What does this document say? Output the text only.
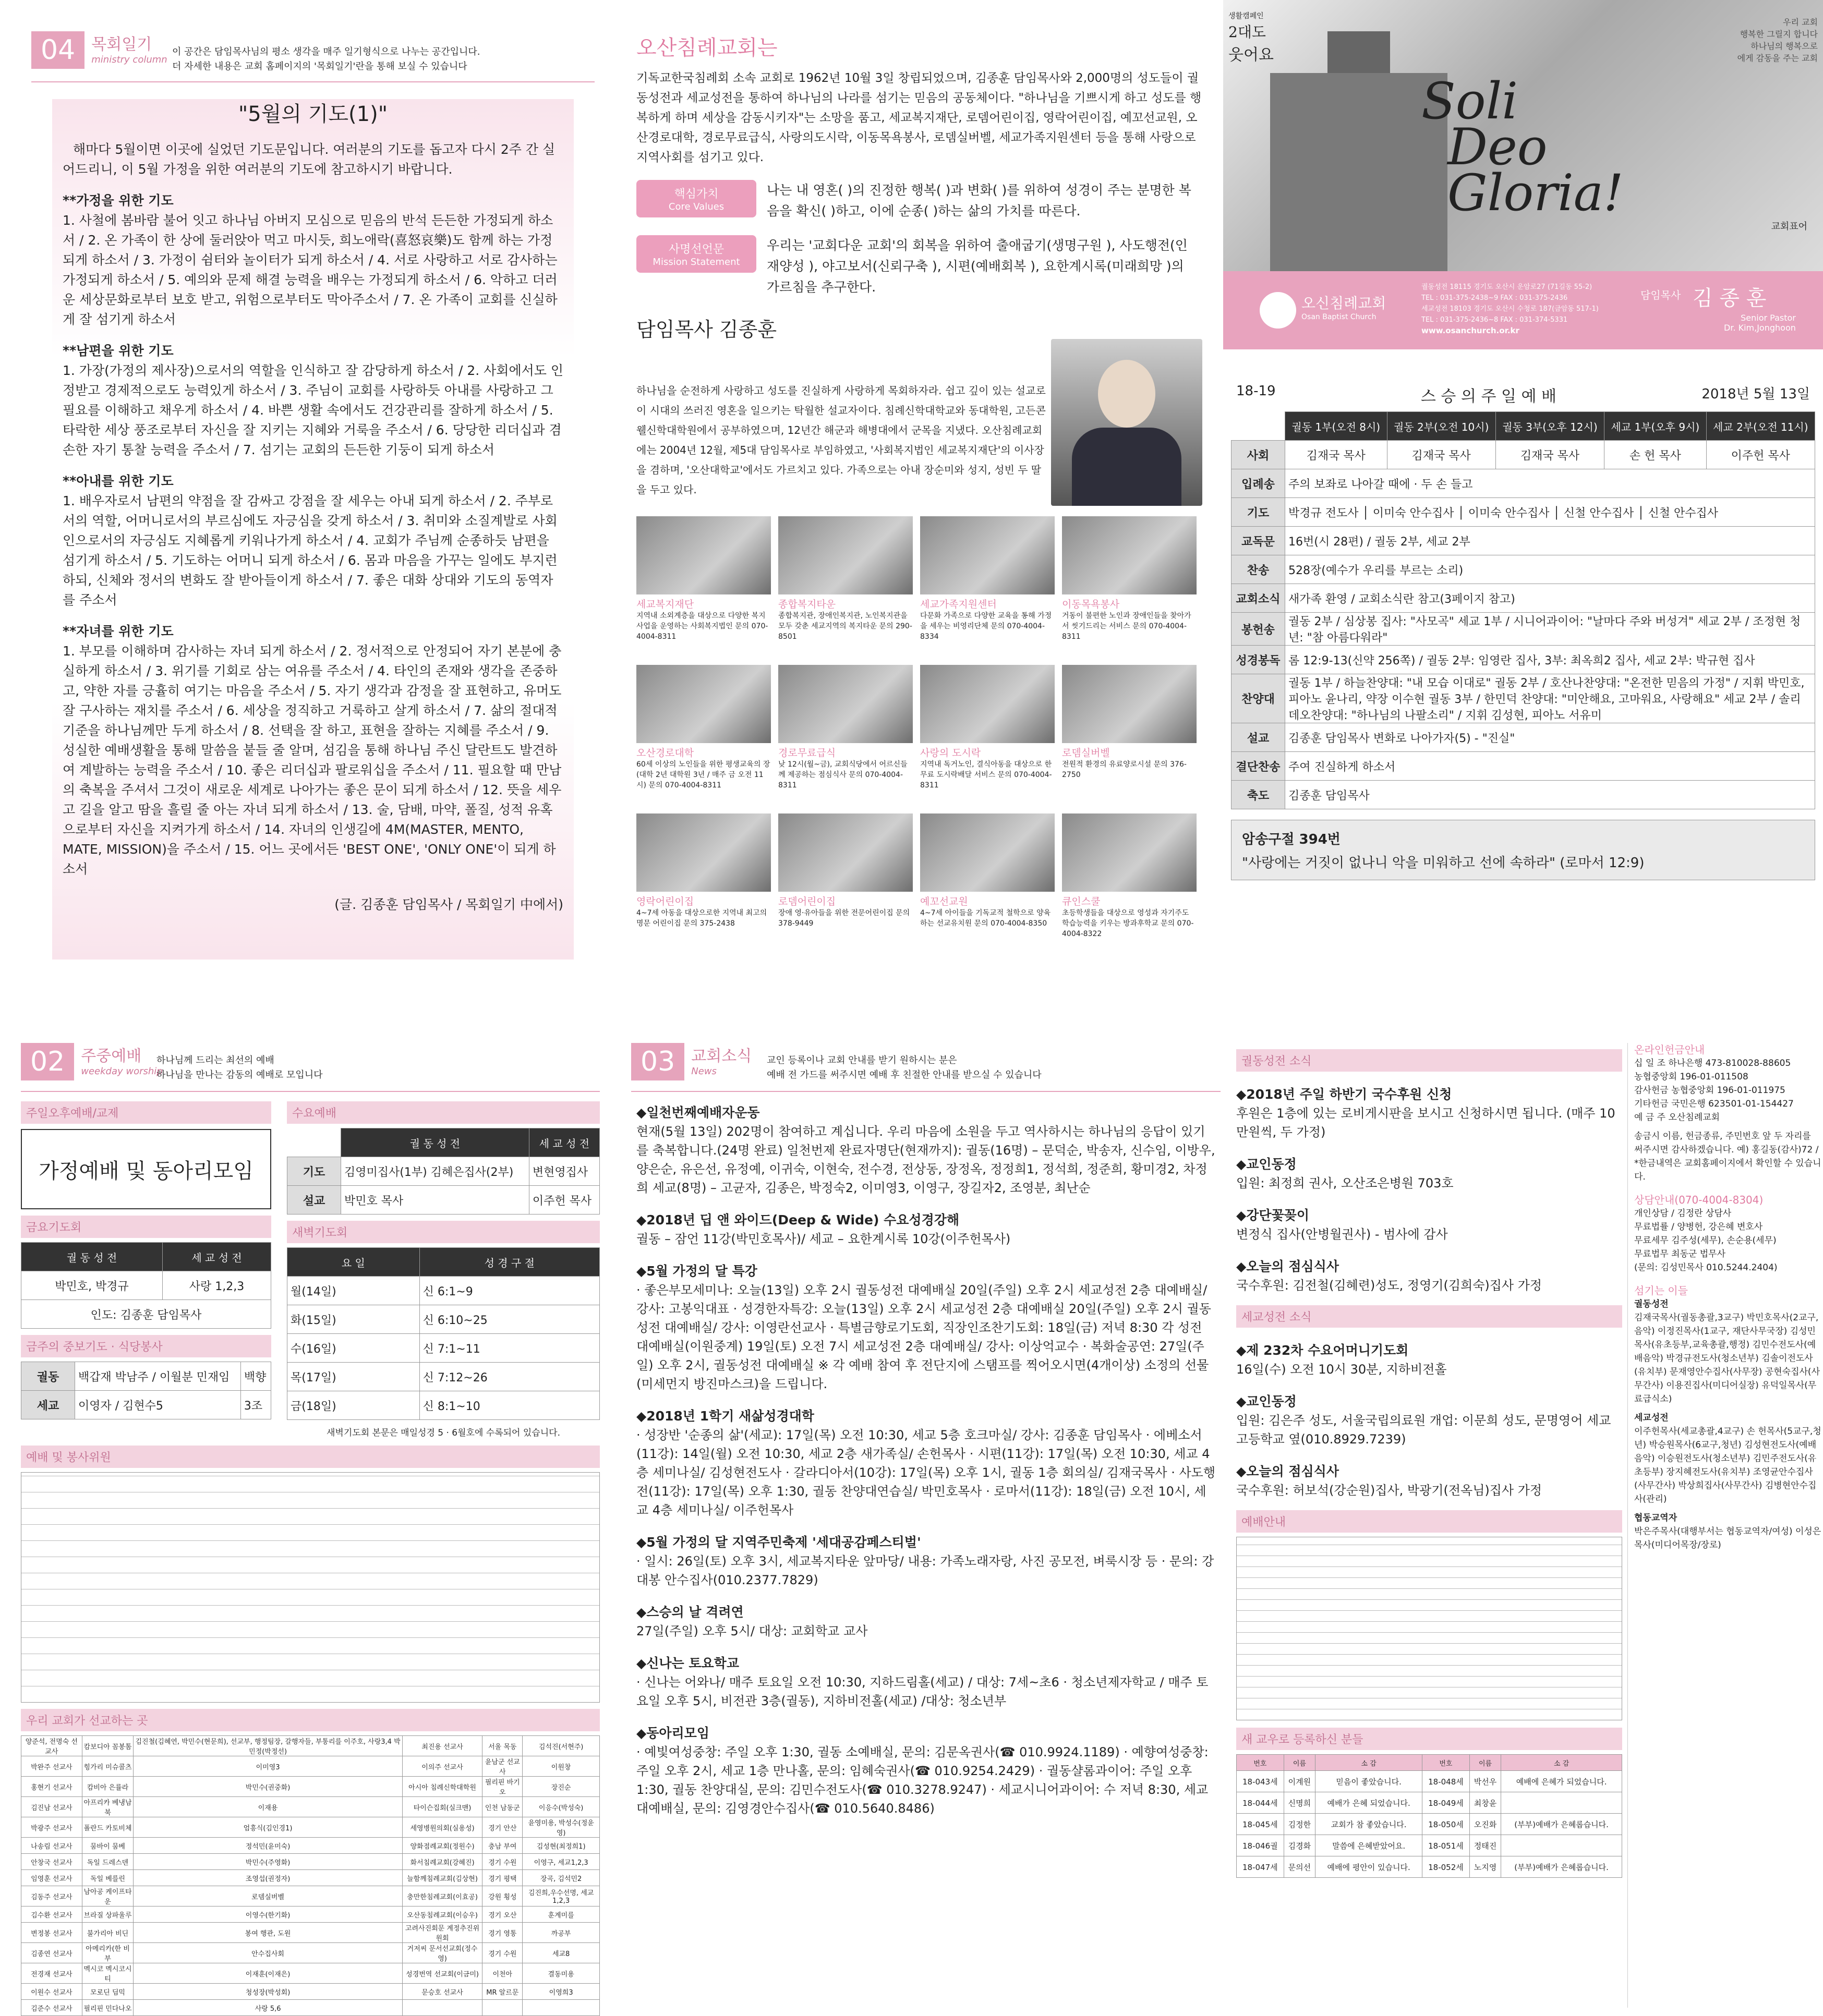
04 목회일기
ministry column
이 공간은 담임목사님의 평소 생각을 매주 일기형식으로 나누는 공간입니다.
더 자세한 내용은 교회 홈페이지의 '목회일기'란을 통해 보실 수 있습니다
"5월의 기도(1)"

해마다 5월이면 이곳에 실었던 기도문입니다. 여러분의 기도를 돕고자 다시 2주 간 실어드리니, 이 5월 가정을 위한 여러분의 기도에 참고하시기 바랍니다.

**가정을 위한 기도

1. 사철에 봄바람 불어 잇고 하나님 아버지 모심으로 믿음의 반석 든든한 가정되게 하소서 / 2. 온 가족이 한 상에 둘러앉아 먹고 마시듯, 희노애락(喜怒哀樂)도 함께 하는 가정 되게 하소서 / 3. 가정이 쉼터와 놀이터가 되게 하소서 / 4. 서로 사랑하고 서로 감사하는 가정되게 하소서 / 5. 예의와 문제 해결 능력을 배우는 가정되게 하소서 / 6. 악하고 더러운 세상문화로부터 보호 받고, 위험으로부터도 막아주소서 / 7. 온 가족이 교회를 신실하게 잘 섬기게 하소서

**남편을 위한 기도

1. 가장(가정의 제사장)으로서의 역할을 인식하고 잘 감당하게 하소서 / 2. 사회에서도 인정받고 경제적으로도 능력있게 하소서 / 3. 주님이 교회를 사랑하듯 아내를 사랑하고 그 필요를 이해하고 채우게 하소서 / 4. 바쁜 생활 속에서도 건강관리를 잘하게 하소서 / 5. 타락한 세상 풍조로부터 자신을 잘 지키는 지혜와 거룩을 주소서 / 6. 당당한 리더십과 겸손한 자기 통찰 능력을 주소서 / 7. 섬기는 교회의 든든한 기둥이 되게 하소서

**아내를 위한 기도

1. 배우자로서 남편의 약점을 잘 감싸고 강점을 잘 세우는 아내 되게 하소서 / 2. 주부로서의 역할, 어머니로서의 부르심에도 자긍심을 갖게 하소서 / 3. 취미와 소질계발로 사회인으로서의 자긍심도 지혜롭게 키워나가게 하소서 / 4. 교회가 주님께 순종하듯 남편을 섬기게 하소서 / 5. 기도하는 어머니 되게 하소서 / 6. 몸과 마음을 가꾸는 일에도 부지런하되, 신체와 정서의 변화도 잘 받아들이게 하소서 / 7. 좋은 대화 상대와 기도의 동역자를 주소서

**자녀를 위한 기도

1. 부모를 이해하며 감사하는 자녀 되게 하소서 / 2. 정서적으로 안정되어 자기 본분에 충실하게 하소서 / 3. 위기를 기회로 삼는 여유를 주소서 / 4. 타인의 존재와 생각을 존중하고, 약한 자를 긍휼히 여기는 마음을 주소서 / 5. 자기 생각과 감정을 잘 표현하고, 유머도 잘 구사하는 재치를 주소서 / 6. 세상을 정직하고 거룩하고 살게 하소서 / 7. 삶의 절대적 기준을 하나님께만 두게 하소서 / 8. 선택을 잘 하고, 표현을 잘하는 지혜를 주소서 / 9. 성실한 예배생활을 통해 말씀을 붙들 줄 알며, 섬김을 통해 하나님 주신 달란트도 발견하여 계발하는 능력을 주소서 / 10. 좋은 리더십과 팔로워십을 주소서 / 11. 필요할 때 만남의 축복을 주셔서 그것이 새로운 세계로 나아가는 좋은 문이 되게 하소서 / 12. 뜻을 세우고 길을 알고 땀을 흘릴 줄 아는 자녀 되게 하소서 / 13. 술, 담배, 마약, 폴질, 성적 유혹으로부터 자신을 지켜가게 하소서 / 14. 자녀의 인생길에 4M(MASTER, MENTO, MATE, MISSION)을 주소서 / 15. 어느 곳에서든 'BEST ONE', 'ONLY ONE'이 되게 하소서

(글. 김종훈 담임목사 / 목회일기 中에서)

오산침례교회는
기독교한국침례회 소속 교회로 1962년 10월 3일 창립되었으며, 김종훈 담임목사와 2,000명의 성도들이 궐동성전과 세교성전을 통하여 하나님의 나라를 섬기는 믿음의 공동체이다. "하나님을 기쁘시게 하고 성도를 행복하게 하며 세상을 감동시키자"는 소망을 품고, 세교복지재단, 로뎀어린이집, 영락어린이집, 예꼬선교원, 오산경로대학, 경로무료급식, 사랑의도시락, 이동목욕봉사, 로뎀실버벨, 세교가족지원센터 등을 통해 사랑으로 지역사회를 섬기고 있다.
핵심가치
Core Values
나는 내 영혼( )의 진정한 행복( )과 변화( )를 위하여 성경이 주는 분명한 복음을 확신( )하고, 이에 순종( )하는 삶의 가치를 따른다.
사명선언문
Mission Statement
우리는 '교회다운 교회'의 회복을 위하여 출애굽기(생명구원 ), 사도행전(인재양성 ), 야고보서(신뢰구축 ), 시편(예배회복 ), 요한계시록(미래희망 )의 가르침을 추구한다.
담임목사 김종훈
하나님을 순전하게 사랑하고 성도를 진실하게 사랑하게 목회하자라. 쉽고 깊이 있는 설교로 이 시대의 쓰러진 영혼을 일으키는 탁월한 설교자이다. 침례신학대학교와 동대학원, 고든콘웰신학대학원에서 공부하였으며, 12년간 해군과 해병대에서 군목을 지냈다. 오산침례교회에는 2004년 12월, 제5대 담임목사로 부임하였고, '사회복지법인 세교복지재단'의 이사장을 겸하며, '오산대학교'에서도 가르치고 있다. 가족으로는 아내 장순미와 성지, 성빈 두 딸을 두고 있다.
세교복지재단
지역내 소외계층을 대상으로 다양한 복지사업을 운영하는 사회복지법인 문의 070-4004-8311
종합복지타운
종합복지관, 장애인복지관, 노인복지관을 모두 갖춘 세교지역의 복지타운 문의 290-8501
세교가족지원센터
다문화 가족으로 다양한 교육을 통해 가정을 세우는 비영리단체 문의 070-4004-8334
이동목욕봉사
거동이 불편한 노인과 장애인들을 찾아가서 씻기드리는 서비스 문의 070-4004-8311
오산경로대학
60세 이상의 노인들을 위한 평생교육의 장(대학 2년 대학원 3년 / 매주 금 오전 11시) 문의 070-4004-8311
경로무료급식
낮 12시(월~금), 교회식당에서 어르신들께 제공하는 점심식사 문의 070-4004-8311
사랑의 도시락
지역내 독거노인, 결식아동을 대상으로 한 무료 도시락배달 서비스 문의 070-4004-8311
로뎀실버벨
전원적 환경의 유료양로시설 문의 376-2750
영락어린이집
4~7세 아동을 대상으로한 지역내 최고의 명문 어린이집 문의 375-2438
로뎀어린이집
장애 영·유아들을 위한 전문어린이집 문의 378-9449
예꼬선교원
4~7세 아이들을 기독교적 철학으로 양육하는 선교유치원 문의 070-4004-8350
큐인스쿨
초등학생들을 대상으로 영성과 자기주도 학습능력을 키우는 방과후학교 문의 070-4004-8322
생활캠페인
2대도
웃어요
우리 교회
행복한 그릴지 합니다
하나님의 행복으로
에게 감동을 주는 교회
Soli
Deo
Gloria!
교회표어
오신침례교회
Osan Baptist Church
궐동성전 18115 경기도 오산시 운암로27 (71길동 55-2)
TEL : 031-375-2438~9 FAX : 031-375-2436
세교성전 18103 경기도 오산시 수청로 187(금암동 517-1)
TEL : 031-375-2436~8 FAX : 031-374-5331
www.osanchurch.or.kr
담임목사 김 종 훈
Senior Pastor
Dr. Kim,Jonghoon
18-19	스 승 의 주 일 예 배	2018년 5월 13일
	궐동 1부(오전 8시)	궐동 2부(오전 10시)	궐동 3부(오후 12시)	세교 1부(오후 9시)	세교 2부(오전 11시)
사회	김재국 목사	김재국 목사	김재국 목사	손 헌 목사	이주헌 목사
입례송	주의 보좌로 나아갈 때에 · 두 손 들고				
기도	박경규 전도사 │ 이미숙 안수집사 │ 이미숙 안수집사 │ 신철 안수집사 │ 신철 안수집사				
교독문	16번(시 28편) / 궐동 2부, 세교 2부				
찬송	528장(예수가 우리를 부르는 소리)				
교회소식	새가족 환영 / 교회소식란 참고(3페이지 참고)				
봉헌송	궐동 2부 / 심상봉 집사: "사모곡" 세교 1부 / 시니어과이어: "날마다 주와 버성겨" 세교 2부 / 조정현 청년: "참 아름다워라"				
성경봉독	롬 12:9-13(신약 256쪽) / 궐동 2부: 임영란 집사, 3부: 최옥희2 집사, 세교 2부: 박규현 집사				
찬양대	궐동 1부 / 하늘찬양대: "내 모습 이대로" 궐동 2부 / 호산나찬양대: "온전한 믿음의 가정" / 지휘 박민호, 피아노 윤나리, 약장 이수현 궐동 3부 / 한민덕 찬양대: "미안해요, 고마워요, 사랑해요" 세교 2부 / 솔리데오찬양대: "하나님의 나팔소리" / 지휘 김성현, 피아노 서유미				
설교	김종훈 담임목사 변화로 나아가자(5) - "진실"				
결단찬송	주여 진실하게 하소서				
축도	김종훈 담임목사				
암송구절 394번
"사랑에는 거짓이 없나니 악을 미워하고 선에 속하라" (로마서 12:9)
02 주중예배
weekday worship
하나님께 드리는 최선의 예배
하나님을 만나는 감동의 예배로 모입니다
주일오후예배/교제
가정예배 및 동아리모임
금요기도회
궐 동 성 전	세 교 성 전
박민호, 박경규	사랑 1,2,3
인도: 김종훈 담임목사	
금주의 중보기도 · 식당봉사
궐동	백갑재 박남주 / 이월분 민재임	백향
세교	이영자 / 김현수5	3조
수요예배
	궐 동 성 전	세 교 성 전
기도	김영미집사(1부) 김혜은집사(2부)	변현영집사
설교	박민호 목사	이주헌 목사
새벽기도회
요 일	성 경 구 절
월(14일)	신 6:1~9
화(15일)	신 6:10~25
수(16일)	신 7:1~11
목(17일)	신 7:12~26
금(18일)	신 8:1~10
새벽기도회 본문은 매일성경 5 · 6월호에 수록되어 있습니다.
예배 및 봉사위원
우리 교회가 선교하는 곳
양준석, 전명숙 선교사	캄보디아 꼼봉톰	김진철(김혜연, 박민수(현문희), 선교부, 행정팀장, 갈행자들, 부통리를 이주호, 사랑3,4 박민정(박정선)	최진용 선교사	서울 목동	김석진(서현주)
박완주 선교사	힝가리 미슈콜츠	이미영3	이의주 선교사	윤남군 선교사	이원창
홍현기 선교사	캄비아 은률라	박민수(권중화)	아시아 침례신학대학원	필리핀 바기오	장진순
김진남 선교사	아프리카 베냉남북	이재용	타이슨집회(실크맨)	인천 남동군	이응수(박성숙)
박광주 선교사	폴란드 카토비체	엄흥식(김인경1)	세영병원의회(실용성)	경기 안산	윤영미용, 박성수(정윤영)
나송림 선교사	뭄바이 뭄베	정석민(윤미숙)	양화점례교회(정원수)	충남 부여	김성현(최정희1)
안창국 선교사	독일 드레스덴	박민수(주영화)	화서침례교회(강혜진)	경기 수원	이영구, 세교1,2,3
임영훈 선교사	독일 베를린	조영섭(권정자)	늘함께침례교회(김상현)	경기 평택	장곡, 김석민2
김동주 선교사	남아공 케이프타운	로뎀실버벨	충만한침례교회(이효공)	강원 횡성	김진희,우수선명, 세교1,2,3
김수환 선교사	브라질 상파울루	이영수(한기화)	오산동침례교회(이승우)	경기 오산	훈계미를
변정봉 선교사	불가리아 비딘	봉여 행관, 도원	고려사진회문 계정추진위원회	경기 영통	까공부
김종연 선교사	아메리카(한 비부	안수집사회	거저씨 문서선교회(정수영)	경기 수원	세교8
전경재 선교사	멕시코 멕시코시티	이재훈(이재은)	성경번역 선교회(이금미)	이천아	결동미용
이원수 선교사	모로딘 딤믹	청성장(박성회)	문승호 선교사	MR 알르문	이영희3
김준수 선교사	필리핀 민다나오	사랑 5,6			
03 교회소식
News
교인 등록이나 교회 안내를 받기 원하시는 분은
예배 전 가드를 써주시면 예배 후 친절한 안내를 받으실 수 있습니다
◆일천번째예배자운동

현재(5월 13일) 202명이 참여하고 계십니다. 우리 마음에 소원을 두고 역사하시는 하나님의 응답이 있기를 축복합니다.(24명 완료) 일천번제 완료자명단(현재까지): 궐동(16명) – 문덕순, 박송자, 신수임, 이방우, 양은순, 유은선, 유정예, 이귀숙, 이현숙, 전수경, 전상동, 장정옥, 정정희1, 정석희, 정준희, 황미경2, 차정희 세교(8명) – 고균자, 김종은, 박정숙2, 이미영3, 이영구, 장길자2, 조영분, 최난순

◆2018년 딥 앤 와이드(Deep & Wide) 수요성경강해

궐동 – 잠언 11강(박민호목사)/ 세교 – 요한계시록 10강(이주헌목사)

◆5월 가정의 달 특강

· 좋은부모세미나: 오늘(13일) 오후 2시 궐동성전 대예배실 20일(주일) 오후 2시 세교성전 2층 대예배실/ 강사: 고봉익대표 · 성경한자특강: 오늘(13일) 오후 2시 세교성전 2층 대예배실 20일(주일) 오후 2시 궐동성전 대예배실/ 강사: 이영란선교사 · 특별금향로기도회, 직장인조찬기도회: 18일(금) 저녁 8:30 각 성전 대예배실(이원중계) 19일(토) 오전 7시 세교성전 2층 대예배실/ 강사: 이상억교수 · 복화술공연: 27일(주일) 오후 2시, 궐동성전 대예배실 ※ 각 예배 참여 후 전단지에 스탬프를 찍어오시면(4개이상) 소정의 선물(미세먼지 방진마스크)을 드립니다.

◆2018년 1학기 새삶성경대학

· 성장반 '순종의 삶'(세교): 17일(목) 오전 10:30, 세교 5층 호크마실/ 강사: 김종훈 담임목사 · 에베소서(11강): 14일(월) 오전 10:30, 세교 2층 새가족실/ 손헌목사 · 시편(11강): 17일(목) 오전 10:30, 세교 4층 세미나실/ 김성현전도사 · 갈라디아서(10강): 17일(목) 오후 1시, 궐동 1층 회의실/ 김재국목사 · 사도행전(11강): 17일(목) 오후 1:30, 궐동 찬양대연습실/ 박민호목사 · 로마서(11강): 18일(금) 오전 10시, 세교 4층 세미나실/ 이주헌목사

◆5월 가정의 달 지역주민축제 '세대공감페스티벌'

· 일시: 26일(토) 오후 3시, 세교복지타운 앞마당/ 내용: 가족노래자랑, 사진 공모전, 벼룩시장 등 · 문의: 강대봉 안수집사(010.2377.7829)

◆스승의 날 격려연

27일(주일) 오후 5시/ 대상: 교회학교 교사

◆신나는 토요학교

· 신나는 어와나/ 매주 토요일 오전 10:30, 지하드림홀(세교) / 대상: 7세~초6 · 청소년제자학교 / 매주 토요일 오후 5시, 비전관 3층(궐동), 지하비전홀(세교) /대상: 청소년부

◆동아리모임

· 예빛여성중창: 주일 오후 1:30, 궐동 소예배실, 문의: 김문옥권사(☎ 010.9924.1189) · 예향여성중창: 주일 오후 2시, 세교 1층 만나홀, 문의: 임혜숙권사(☎ 010.9254.2429) · 궐동샬롬과이어: 주일 오후 1:30, 궐동 찬양대실, 문의: 김민수전도사(☎ 010.3278.9247) · 세교시니어과이어: 수 저녁 8:30, 세교 대예배실, 문의: 김영경안수집사(☎ 010.5640.8486)

궐동성전 소식
◆2018년 주일 하반기 국수후원 신청

후원은 1층에 있는 로비게시판을 보시고 신청하시면 됩니다. (매주 10만원씩, 두 가정)

◆교인동정

입원: 최정희 권사, 오산조은병원 703호

◆강단꽃꽂이

변정식 집사(안병월권사) - 범사에 감사

◆오늘의 점심식사

국수후원: 김전철(김혜련)성도, 정영기(김희숙)집사 가정

세교성전 소식
◆제 232차 수요어머니기도회

16일(수) 오전 10시 30분, 지하비전홀

◆교인동정

입원: 김은주 성도, 서울국립의료원 개업: 이문희 성도, 문명영어 세교고등학교 옆(010.8929.7239)

◆오늘의 점심식사

국수후원: 허보석(강순원)집사, 박광기(전옥님)집사 가정

예배안내
새 교우로 등록하신 분들
번호	이름	소 감	번호	이름	소 감
18-043세	이계원	믿음이 좋았습니다.	18-048세	박선우	예배에 은혜가 되었습니다.
18-044세	신명희	예배가 은혜 되었습니다.	18-049세	최창윤	
18-045세	김정한	교회가 참 좋았습니다.	18-050세	오진화	(부부)예배가 은혜롭습니다.
18-046궐	김경화	말씀에 은혜받았어요.	18-051세	정태진	
18-047세	문의선	예배에 평안이 있습니다.	18-052세	노지영	(부부)예배가 은혜롭습니다.
온라인헌금안내
십 일 조 하나은행 473-810028-88605
농협중앙회 196-01-011508
감사헌금 농협중앙회 196-01-011975
기타헌금 국민은행 623501-01-154427
예 금 주 오산침례교회
송금시 이름, 헌금종류, 주민번호 앞 두 자리를 써주시면 감사하겠습니다. 예) 홍길동(감사)72 / *한금내역은 교회홈페이지에서 확인할 수 있습니다.
상담안내(070-4004-8304)
개인상담 / 김정란 상담사
무료법률 / 양병헌, 강은혜 변호사
무료세무 김주성(세무), 손순용(세무)
무료법무 최동군 법무사
(문의: 김성민목사 010.5244.2404)
섬기는 이들
궐동성전
김재국목사(궐동총괄,3교구) 박민호목사(2교구, 음악) 이정진목사(1교구, 재단사무국장) 김성민목사(유초등부,교육총괄,행정) 김민수전도사(예배음악) 박경규전도사(청소년부) 김솔이전도사(유치부) 문재영안수집사(사무장) 공현숙집사(사무간사) 이용진집사(미디어실장) 유덕일목사(무료급식소)
세교성전
이주헌목사(세교총괄,4교구) 손 헌목사(5교구,청년) 박승원목사(6교구,청년) 김성현전도사(예배음악) 이승원전도사(청소년부) 김민주전도사(유초등부) 장지혜전도사(유치부) 조영균안수집사(사무간사) 박상희집사(사무간사) 김병현안수집사(관리)
협동교역자
박은주목사(대행부서는 협동교역자/여성) 이성은목사(미디어목장/장로)
